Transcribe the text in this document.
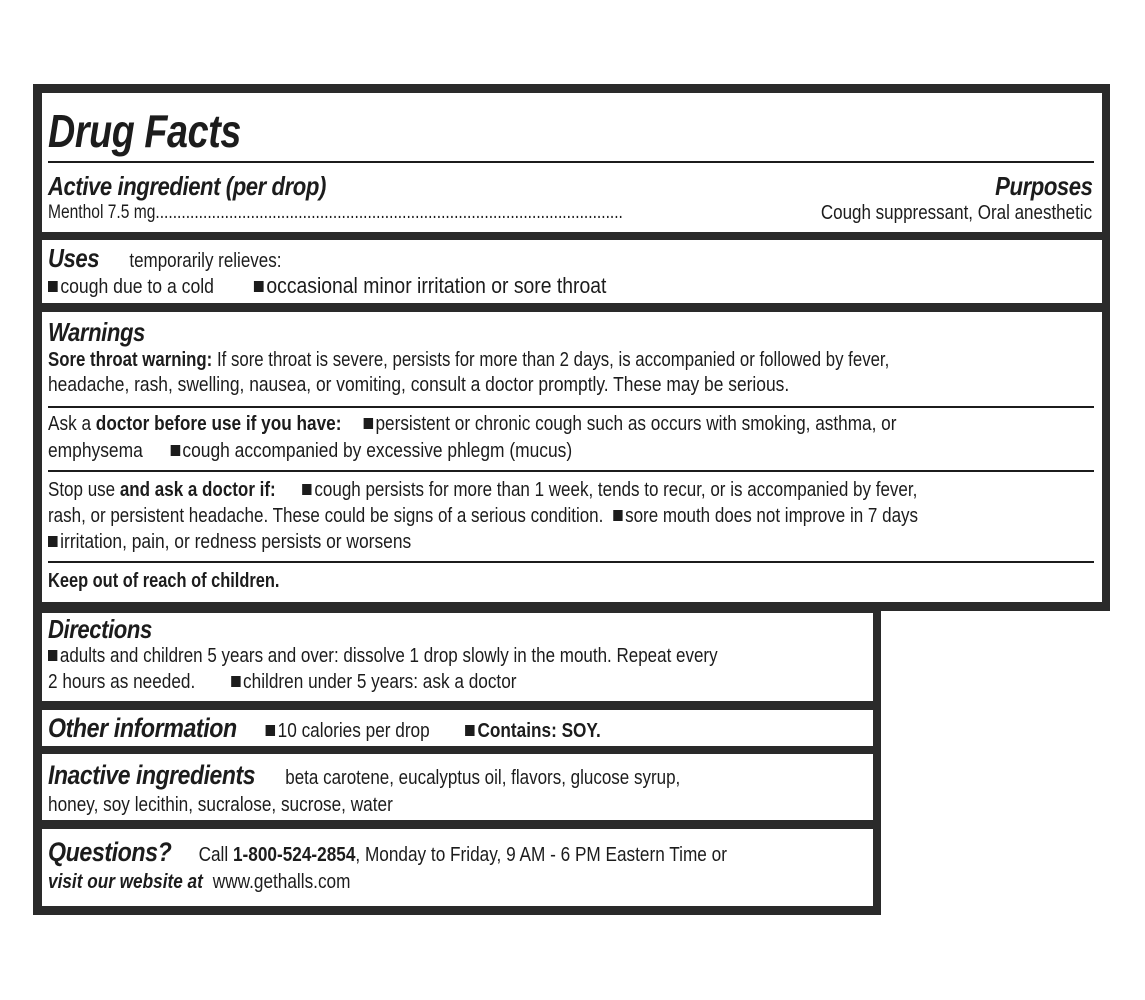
Drug Facts
Active ingredient (per drop)	Purposes
Menthol 7.5 mg............................................................................................................	Cough suppressant, Oral anesthetic
Uses temporarily relieves:
cough due to a cold occasional minor irritation or sore throat
Warnings
Sore throat warning: If sore throat is severe, persists for more than 2 days, is accompanied or followed by fever,
headache, rash, swelling, nausea, or vomiting, consult a doctor promptly. These may be serious.
Ask a doctor before use if you have: persistent or chronic cough such as occurs with smoking, asthma, or
emphysema cough accompanied by excessive phlegm (mucus)
Stop use and ask a doctor if: cough persists for more than 1 week, tends to recur, or is accompanied by fever,
rash, or persistent headache. These could be signs of a serious condition. sore mouth does not improve in 7 days
irritation, pain, or redness persists or worsens
Keep out of reach of children.
Directions
adults and children 5 years and over: dissolve 1 drop slowly in the mouth. Repeat every
2 hours as needed. children under 5 years: ask a doctor
Other information 10 calories per drop Contains: SOY.
Inactive ingredients beta carotene, eucalyptus oil, flavors, glucose syrup,
honey, soy lecithin, sucralose, sucrose, water
Questions? Call 1-800-524-2854, Monday to Friday, 9 AM - 6 PM Eastern Time or
visit our website at www.gethalls.com
